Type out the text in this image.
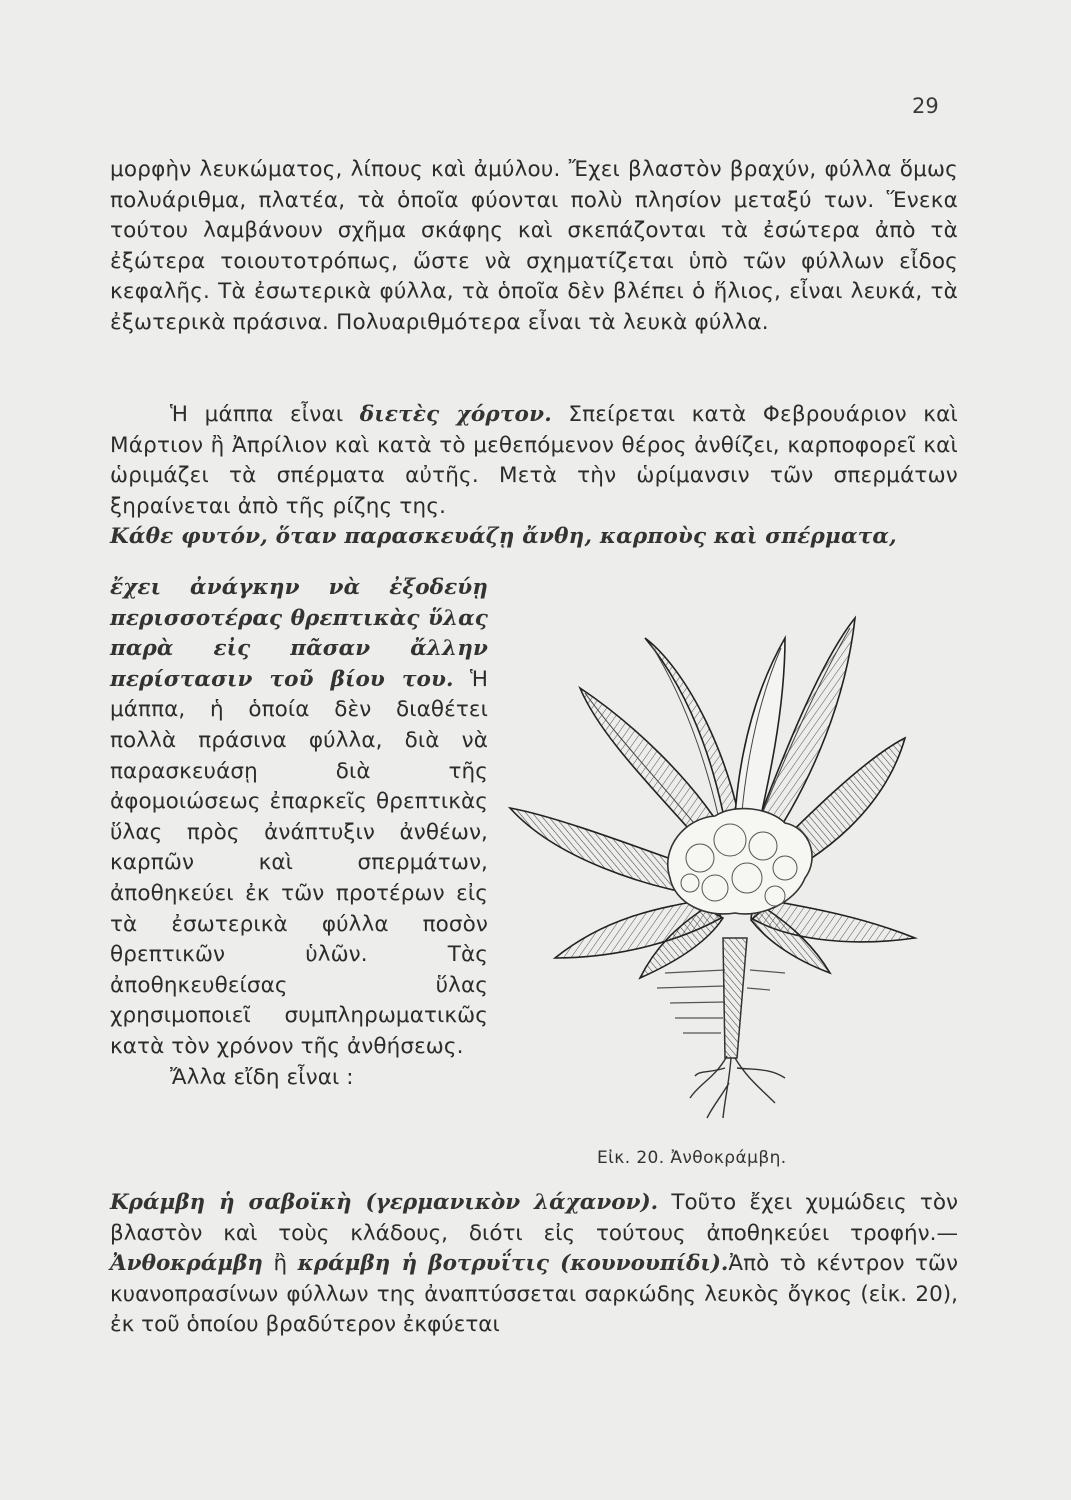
29

μορφὴν λευκώματος, λίπους καὶ ἀμύλου. Ἔχει βλαστὸν βραχύν, φύλλα ὅμως πολυάριθμα, πλατέα, τὰ ὁποῖα φύονται πολὺ πλησίον μεταξύ των. Ἕνεκα τούτου λαμβάνουν σχῆμα σκάφης καὶ σκεπάζονται τὰ ἐσώτερα ἀπὸ τὰ ἐξώτερα τοιουτοτρόπως, ὥστε νὰ σχηματίζεται ὑπὸ τῶν φύλλων εἶδος κεφαλῆς. Τὰ ἐσωτερικὰ φύλλα, τὰ ὁποῖα δὲν βλέπει ὁ ἥλιος, εἶναι λευκά, τὰ ἐξωτερικὰ πράσινα. Πολυαριθμότερα εἶναι τὰ λευκὰ φύλλα.

Ἡ μάππα εἶναι διετὲς χόρτον. Σπείρεται κατὰ Φεβρουάριον καὶ Μάρτιον ἢ Ἀπρίλιον καὶ κατὰ τὸ μεθεπόμενον θέρος ἀνθίζει, καρποφορεῖ καὶ ὡριμάζει τὰ σπέρματα αὐτῆς. Μετὰ τὴν ὡρίμανσιν τῶν σπερμάτων ξηραίνεται ἀπὸ τῆς ρίζης της.

Κάθε φυτόν, ὅταν παρασκευάζῃ ἄνθη, καρποὺς καὶ σπέρματα,

ἔχει ἀνάγκην νὰ ἐξοδεύῃ περισσοτέρας θρεπτικὰς ὕλας παρὰ εἰς πᾶσαν ἄλλην περίστασιν τοῦ βίου του. Ἡ μάππα, ἡ ὁποία δὲν διαθέτει πολλὰ πράσινα φύλλα, διὰ νὰ παρασκευάσῃ διὰ τῆς ἀφομοιώσεως ἐπαρκεῖς θρεπτικὰς ὕλας πρὸς ἀνάπτυξιν ἀνθέων, καρπῶν καὶ σπερμάτων, ἀποθηκεύει ἐκ τῶν προτέρων εἰς τὰ ἐσωτερικὰ φύλλα ποσὸν θρεπτικῶν ὑλῶν. Τὰς ἀποθηκευθείσας ὕλας χρησιμοποιεῖ συμπληρωματικῶς κατὰ τὸν χρόνον τῆς ἀνθήσεως.

Ἄλλα εἴδη εἶναι :

Εἰκ. 20. Ἀνθοκράμβη.

Κράμβη ἡ σαβοϊκὴ (γερμανικὸν λάχανον). Τοῦτο ἔχει χυμώδεις τὸν βλαστὸν καὶ τοὺς κλάδους, διότι εἰς τούτους ἀποθηκεύει τροφήν.—Ἀνθοκράμβη ἢ κράμβη ἡ βοτρυΐτις (κουνουπίδι).Ἀπὸ τὸ κέντρον τῶν κυανοπρασίνων φύλλων της ἀναπτύσσεται σαρκώδης λευκὸς ὄγκος (εἰκ. 20), ἐκ τοῦ ὁποίου βραδύτερον ἐκφύεται
